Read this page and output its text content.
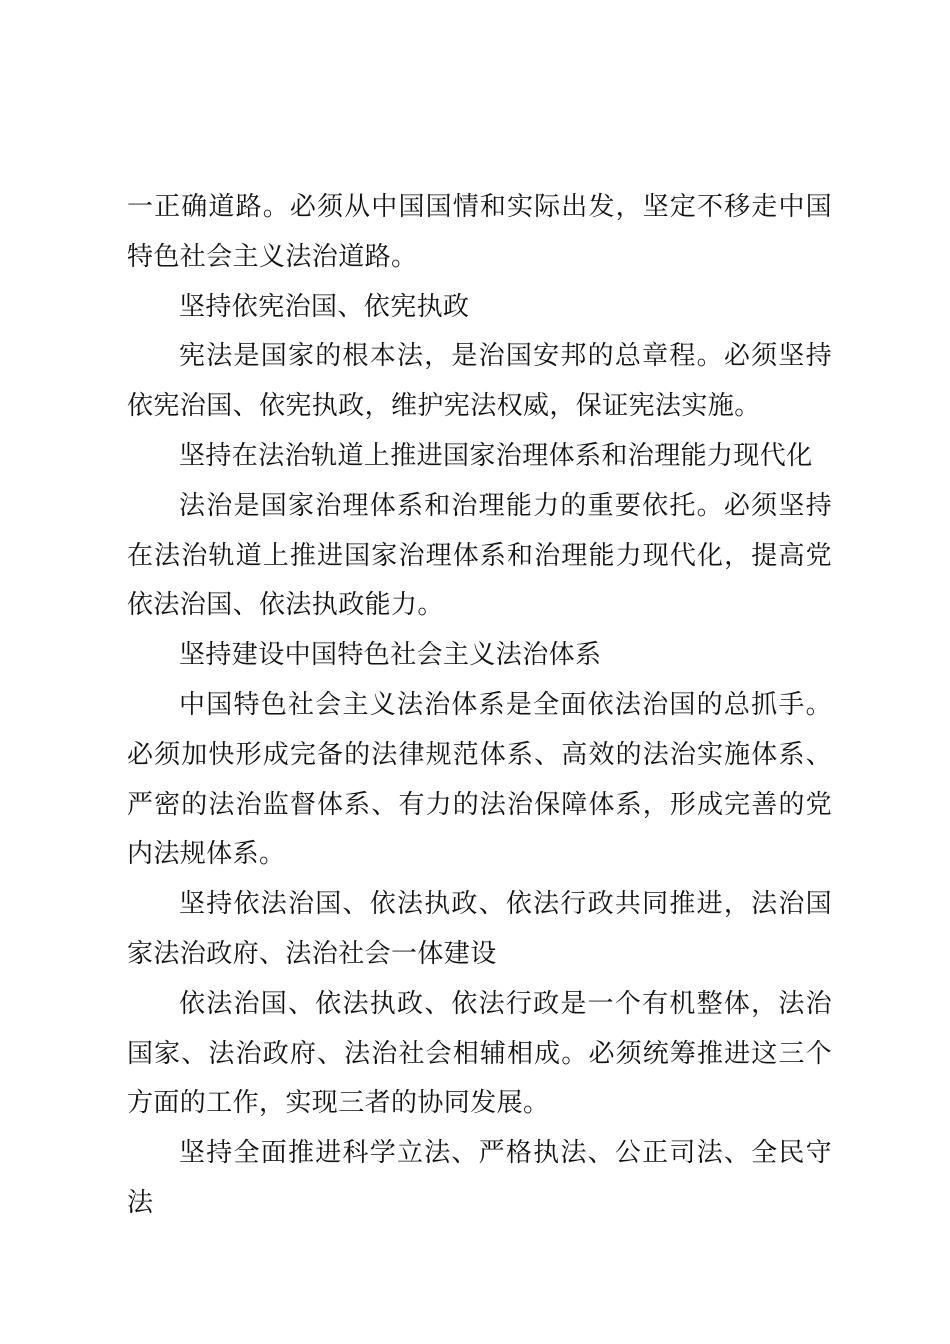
一正确道路。必须从中国国情和实际出发，坚定不移走中国特色社会主义法治道路。

坚持依宪治国、依宪执政

宪法是国家的根本法，是治国安邦的总章程。必须坚持依宪治国、依宪执政，维护宪法权威，保证宪法实施。

坚持在法治轨道上推进国家治理体系和治理能力现代化

法治是国家治理体系和治理能力的重要依托。必须坚持在法治轨道上推进国家治理体系和治理能力现代化，提高党依法治国、依法执政能力。

坚持建设中国特色社会主义法治体系

中国特色社会主义法治体系是全面依法治国的总抓手。必须加快形成完备的法律规范体系、高效的法治实施体系、严密的法治监督体系、有力的法治保障体系，形成完善的党内法规体系。

坚持依法治国、依法执政、依法行政共同推进，法治国家法治政府、法治社会一体建设

依法治国、依法执政、依法行政是一个有机整体，法治国家、法治政府、法治社会相辅相成。必须统筹推进这三个方面的工作，实现三者的协同发展。

坚持全面推进科学立法、严格执法、公正司法、全民守法
